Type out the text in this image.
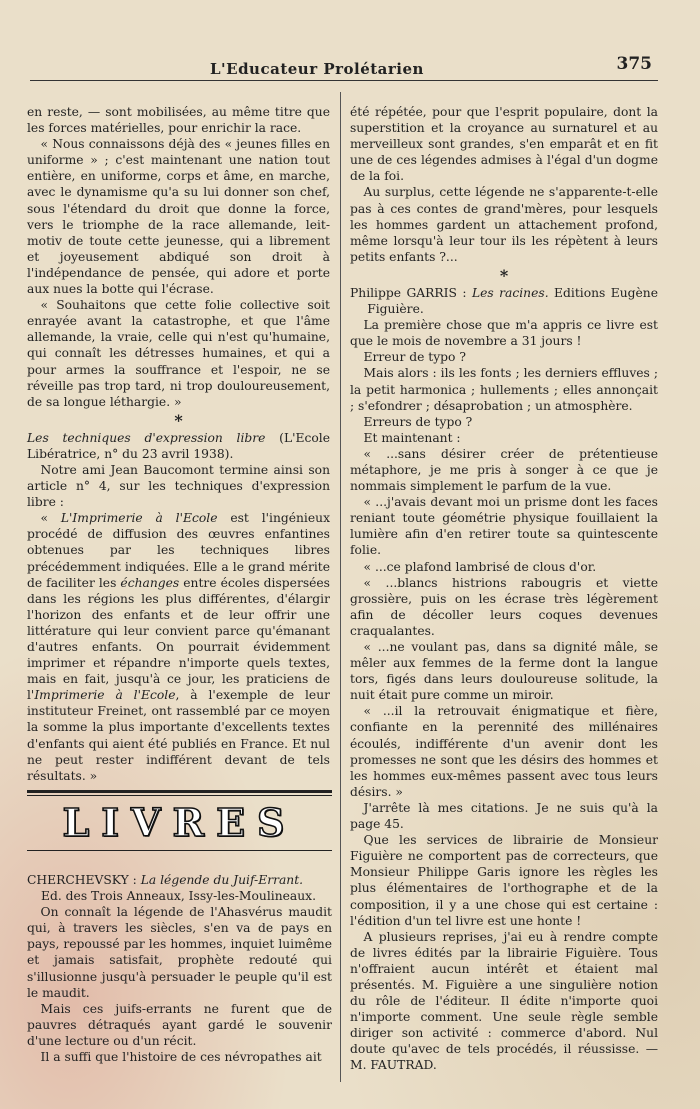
L'Educateur Prolétarien	375

en reste, — sont mobilisées, au même titre que les forces matérielles, pour enrichir la race.

« Nous connaissons déjà des « jeunes filles en uniforme » ; c'est maintenant une nation tout entière, en uniforme, corps et âme, en marche, avec le dynamisme qu'a su lui donner son chef, sous l'étendard du droit que donne la force, vers le triomphe de la race allemande, leit-motiv de toute cette jeunesse, qui a librement et joyeusement abdiqué son droit à l'indépendance de pensée, qui adore et porte aux nues la botte qui l'écrase.

« Souhaitons que cette folie collective soit enrayée avant la catastrophe, et que l'âme allemande, la vraie, celle qui n'est qu'humaine, qui connaît les détresses humaines, et qui a pour armes la souffrance et l'espoir, ne se réveille pas trop tard, ni trop douloureusement, de sa longue léthargie. »

*

Les techniques d'expression libre (L'Ecole Libératrice, n° du 23 avril 1938).

Notre ami Jean Baucomont termine ainsi son article n° 4, sur les techniques d'expression libre :

« L'Imprimerie à l'Ecole est l'ingénieux procédé de diffusion des œuvres enfantines obtenues par les techniques libres précédemment indiquées. Elle a le grand mérite de faciliter les échanges entre écoles dispersées dans les régions les plus différentes, d'élargir l'horizon des enfants et de leur offrir une littérature qui leur convient parce qu'émanant d'autres enfants. On pourrait évidemment imprimer et répandre n'importe quels textes, mais en fait, jusqu'à ce jour, les praticiens de l'Imprimerie à l'Ecole, à l'exemple de leur instituteur Freinet, ont rassemblé par ce moyen la somme la plus importante d'excellents textes d'enfants qui aient été publiés en France. Et nul ne peut rester indifférent devant de tels résultats. »

LIVRES

CHERCHEVSKY : La légende du Juif-Errant.

Ed. des Trois Anneaux, Issy-les-Moulineaux.

On connaît la légende de l'Ahasvérus maudit qui, à travers les siècles, s'en va de pays en pays, repoussé par les hommes, inquiet luimême et jamais satisfait, prophète redouté qui s'illusionne jusqu'à persuader le peuple qu'il est le maudit.

Mais ces juifs-errants ne furent que de pauvres détraqués ayant gardé le souvenir d'une lecture ou d'un récit.

Il a suffi que l'histoire de ces névropathes ait

été répétée, pour que l'esprit populaire, dont la superstition et la croyance au surnaturel et au merveilleux sont grandes, s'en emparât et en fit une de ces légendes admises à l'égal d'un dogme de la foi.

Au surplus, cette légende ne s'apparente-t-elle pas à ces contes de grand'mères, pour lesquels les hommes gardent un attachement profond, même lorsqu'à leur tour ils les répètent à leurs petits enfants ?...

*

Philippe GARRIS : Les racines. Editions Eugène Figuière.

La première chose que m'a appris ce livre est que le mois de novembre a 31 jours !

Erreur de typo ?

Mais alors : ils les fonts ; les derniers effluves ; la petit harmonica ; hullements ; elles annonçait ; s'efondrer ; désaprobation ; un atmosphère.

Erreurs de typo ?

Et maintenant :

« ...sans désirer créer de prétentieuse métaphore, je me pris à songer à ce que je nommais simplement le parfum de la vue.

« ...j'avais devant moi un prisme dont les faces reniant toute géométrie physique fouillaient la lumière afin d'en retirer toute sa quintescente folie.

« ...ce plafond lambrisé de clous d'or.

« ...blancs histrions rabougris et viette grossière, puis on les écrase très légèrement afin de décoller leurs coques devenues craqualantes.

« ...ne voulant pas, dans sa dignité mâle, se mêler aux femmes de la ferme dont la langue tors, figés dans leurs douloureuse solitude, la nuit était pure comme un miroir.

« ...il la retrouvait énigmatique et fière, confiante en la perennité des millénaires écoulés, indifférente d'un avenir dont les promesses ne sont que les désirs des hommes et les hommes eux-mêmes passent avec tous leurs désirs. »

J'arrête là mes citations. Je ne suis qu'à la page 45.

Que les services de librairie de Monsieur Figuière ne comportent pas de correcteurs, que Monsieur Philippe Garis ignore les règles les plus élémentaires de l'orthographe et de la composition, il y a une chose qui est certaine : l'édition d'un tel livre est une honte !

A plusieurs reprises, j'ai eu à rendre compte de livres édités par la librairie Figuière. Tous n'offraient aucun intérêt et étaient mal présentés. M. Figuière a une singulière notion du rôle de l'éditeur. Il édite n'importe quoi n'importe comment. Une seule règle semble diriger son activité : commerce d'abord. Nul doute qu'avec de tels procédés, il réussisse. — M. FAUTRAD.
